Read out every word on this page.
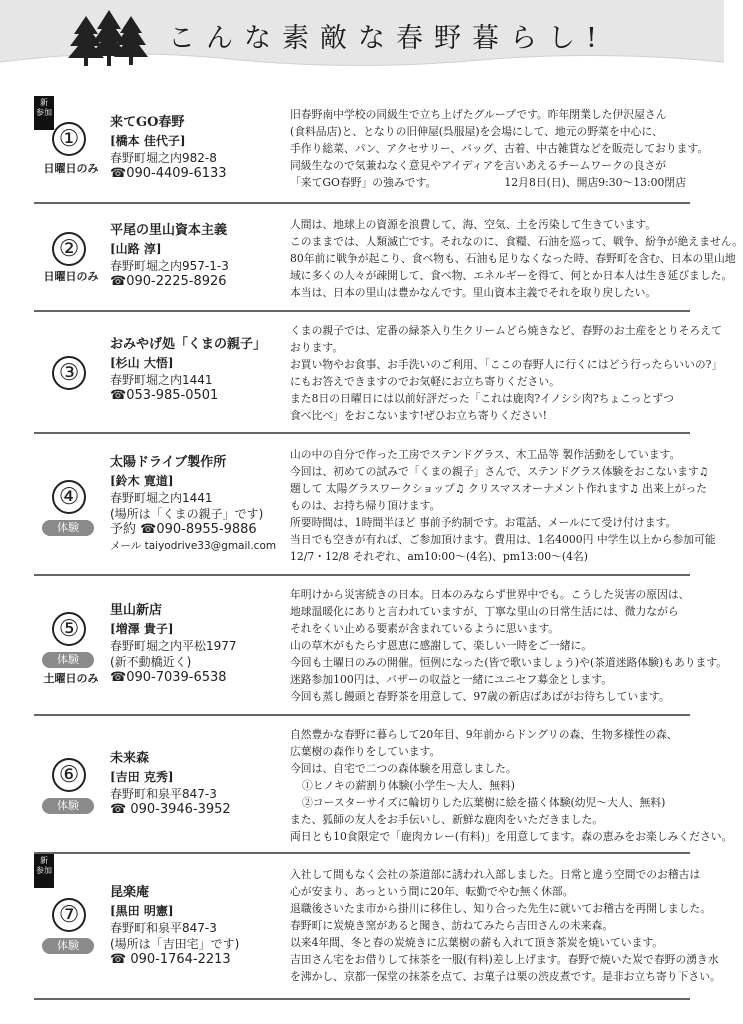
こんな素敵な春野暮らし!
新
参加
①
日曜日のみ
来てGO春野
[橋本 佳代子]
春野町堀之内982-8
☎090-4409-6133
旧春野南中学校の同級生で立ち上げたグループです。昨年閉業した伊沢屋さん
(食料品店)と、となりの旧伸屋(呉服屋)を会場にして、地元の野菜を中心に、
手作り総菜、パン、アクセサリー、バッグ、古着、中古雑貨などを販売しております。
同級生なので気兼ねなく意見やアイディアを言いあえるチームワークの良さが
「来てGO春野」の強みです。	12月8日(日)、開店9:30〜13:00閉店
②
日曜日のみ
平尾の里山資本主義
[山路 淳]
春野町堀之内957-1-3
☎090-2225-8926
人間は、地球上の資源を浪費して、海、空気、土を汚染して生きています。
このままでは、人類滅亡です。それなのに、食糧、石油を巡って、戦争、紛争が絶えません。
80年前に戦争が起こり、食べ物も、石油も足りなくなった時、春野町を含む、日本の里山地
域に多くの人々が疎開して、食べ物、エネルギーを得て、何とか日本人は生き延びました。
本当は、日本の里山は豊かなんです。里山資本主義でそれを取り戻したい。
③
おみやげ処「くまの親子」
[杉山 大悟]
春野町堀之内1441
☎053-985-0501
くまの親子では、定番の緑茶入り生クリームどら焼きなど、春野のお土産をとりそろえて
おります。
お買い物やお食事、お手洗いのご利用、「ここの春野人に行くにはどう行ったらいいの?」
にもお答えできますのでお気軽にお立ち寄りください。
また8日の日曜日には以前好評だった「これは鹿肉?イノシシ肉?ちょこっとずつ
食べ比べ」をおこないます!ぜひお立ち寄りください!
④
体験
太陽ドライブ製作所
[鈴木 寛道]
春野町堀之内1441
(場所は「くまの親子」です)
予約 ☎090-8955-9886
メール taiyodrive33@gmail.com
山の中の自分で作った工房でステンドグラス、木工品等 製作活動をしています。
今回は、初めての試みで「くまの親子」さんで、ステンドグラス体験をおこないます♫
題して 太陽グラスワークショップ♫ クリスマスオーナメント作れます♫ 出来上がった
ものは、お持ち帰り頂けます。
所要時間は、1時間半ほど 事前予約制です。お電話、メールにて受け付けます。
当日でも空きが有れば、ご参加頂けます。費用は、1名4000円 中学生以上から参加可能
12/7・12/8 それぞれ、am10:00〜(4名)、pm13:00〜(4名)
⑤
体験
土曜日のみ
里山新店
[増澤 貴子]
春野町堀之内平松1977
(新不動橋近く)
☎090-7039-6538
年明けから災害続きの日本。日本のみならず世界中でも。こうした災害の原因は、
地球温暖化にありと言われていますが、丁寧な里山の日常生活には、微力ながら
それをくい止める要素が含まれているように思います。
山の草木がもたらす恩恵に感謝して、楽しい一時をご一緒に。
今回も土曜日のみの開催。恒例になった(皆で歌いましょう)や(茶道迷路体験)もあります。
迷路参加100円は、バザーの収益と一緒にユニセフ募金とします。
今回も蒸し饅頭と春野茶を用意して、97歳の新店ばあばがお待ちしています。
⑥
体験
未来森
[吉田 克秀]
春野町和泉平847-3
☎ 090-3946-3952
自然豊かな春野に暮らして20年目、9年前からドングリの森、生物多様性の森、
広葉樹の森作りをしています。
今回は、自宅で二つの森体験を用意しました。
①ヒノキの薪割り体験(小学生〜大人、無料)
②コースターサイズに輪切りした広葉樹に絵を描く体験(幼児〜大人、無料)
また、狐師の友人をお手伝いし、新鮮な鹿肉をいただきました。
両日とも10食限定で「鹿肉カレー(有料)」を用意してます。森の恵みをお楽しみください。
新
参加
⑦
体験
昆楽庵
[黒田 明憲]
春野町和泉平847-3
(場所は「吉田宅」です)
☎ 090-1764-2213
入社して間もなく会社の茶道部に誘われ入部しました。日常と違う空間でのお稽古は
心が安まり、あっという間に20年、転勤でやむ無く休部。
退職後さいたま市から掛川に移住し、知り合った先生に就いてお稽古を再開しました。
春野町に炭焼き窯があると聞き、訪ねてみたら吉田さんの未来森。
以来4年間、冬と春の炭焼きに広葉樹の薪も入れて頂き茶炭を焼いています。
吉田さん宅をお借りして抹茶を一服(有料)差し上げます。春野で焼いた炭で春野の湧き水
を沸かし、京都一保堂の抹茶を点て、お菓子は栗の渋皮煮です。是非お立ち寄り下さい。
